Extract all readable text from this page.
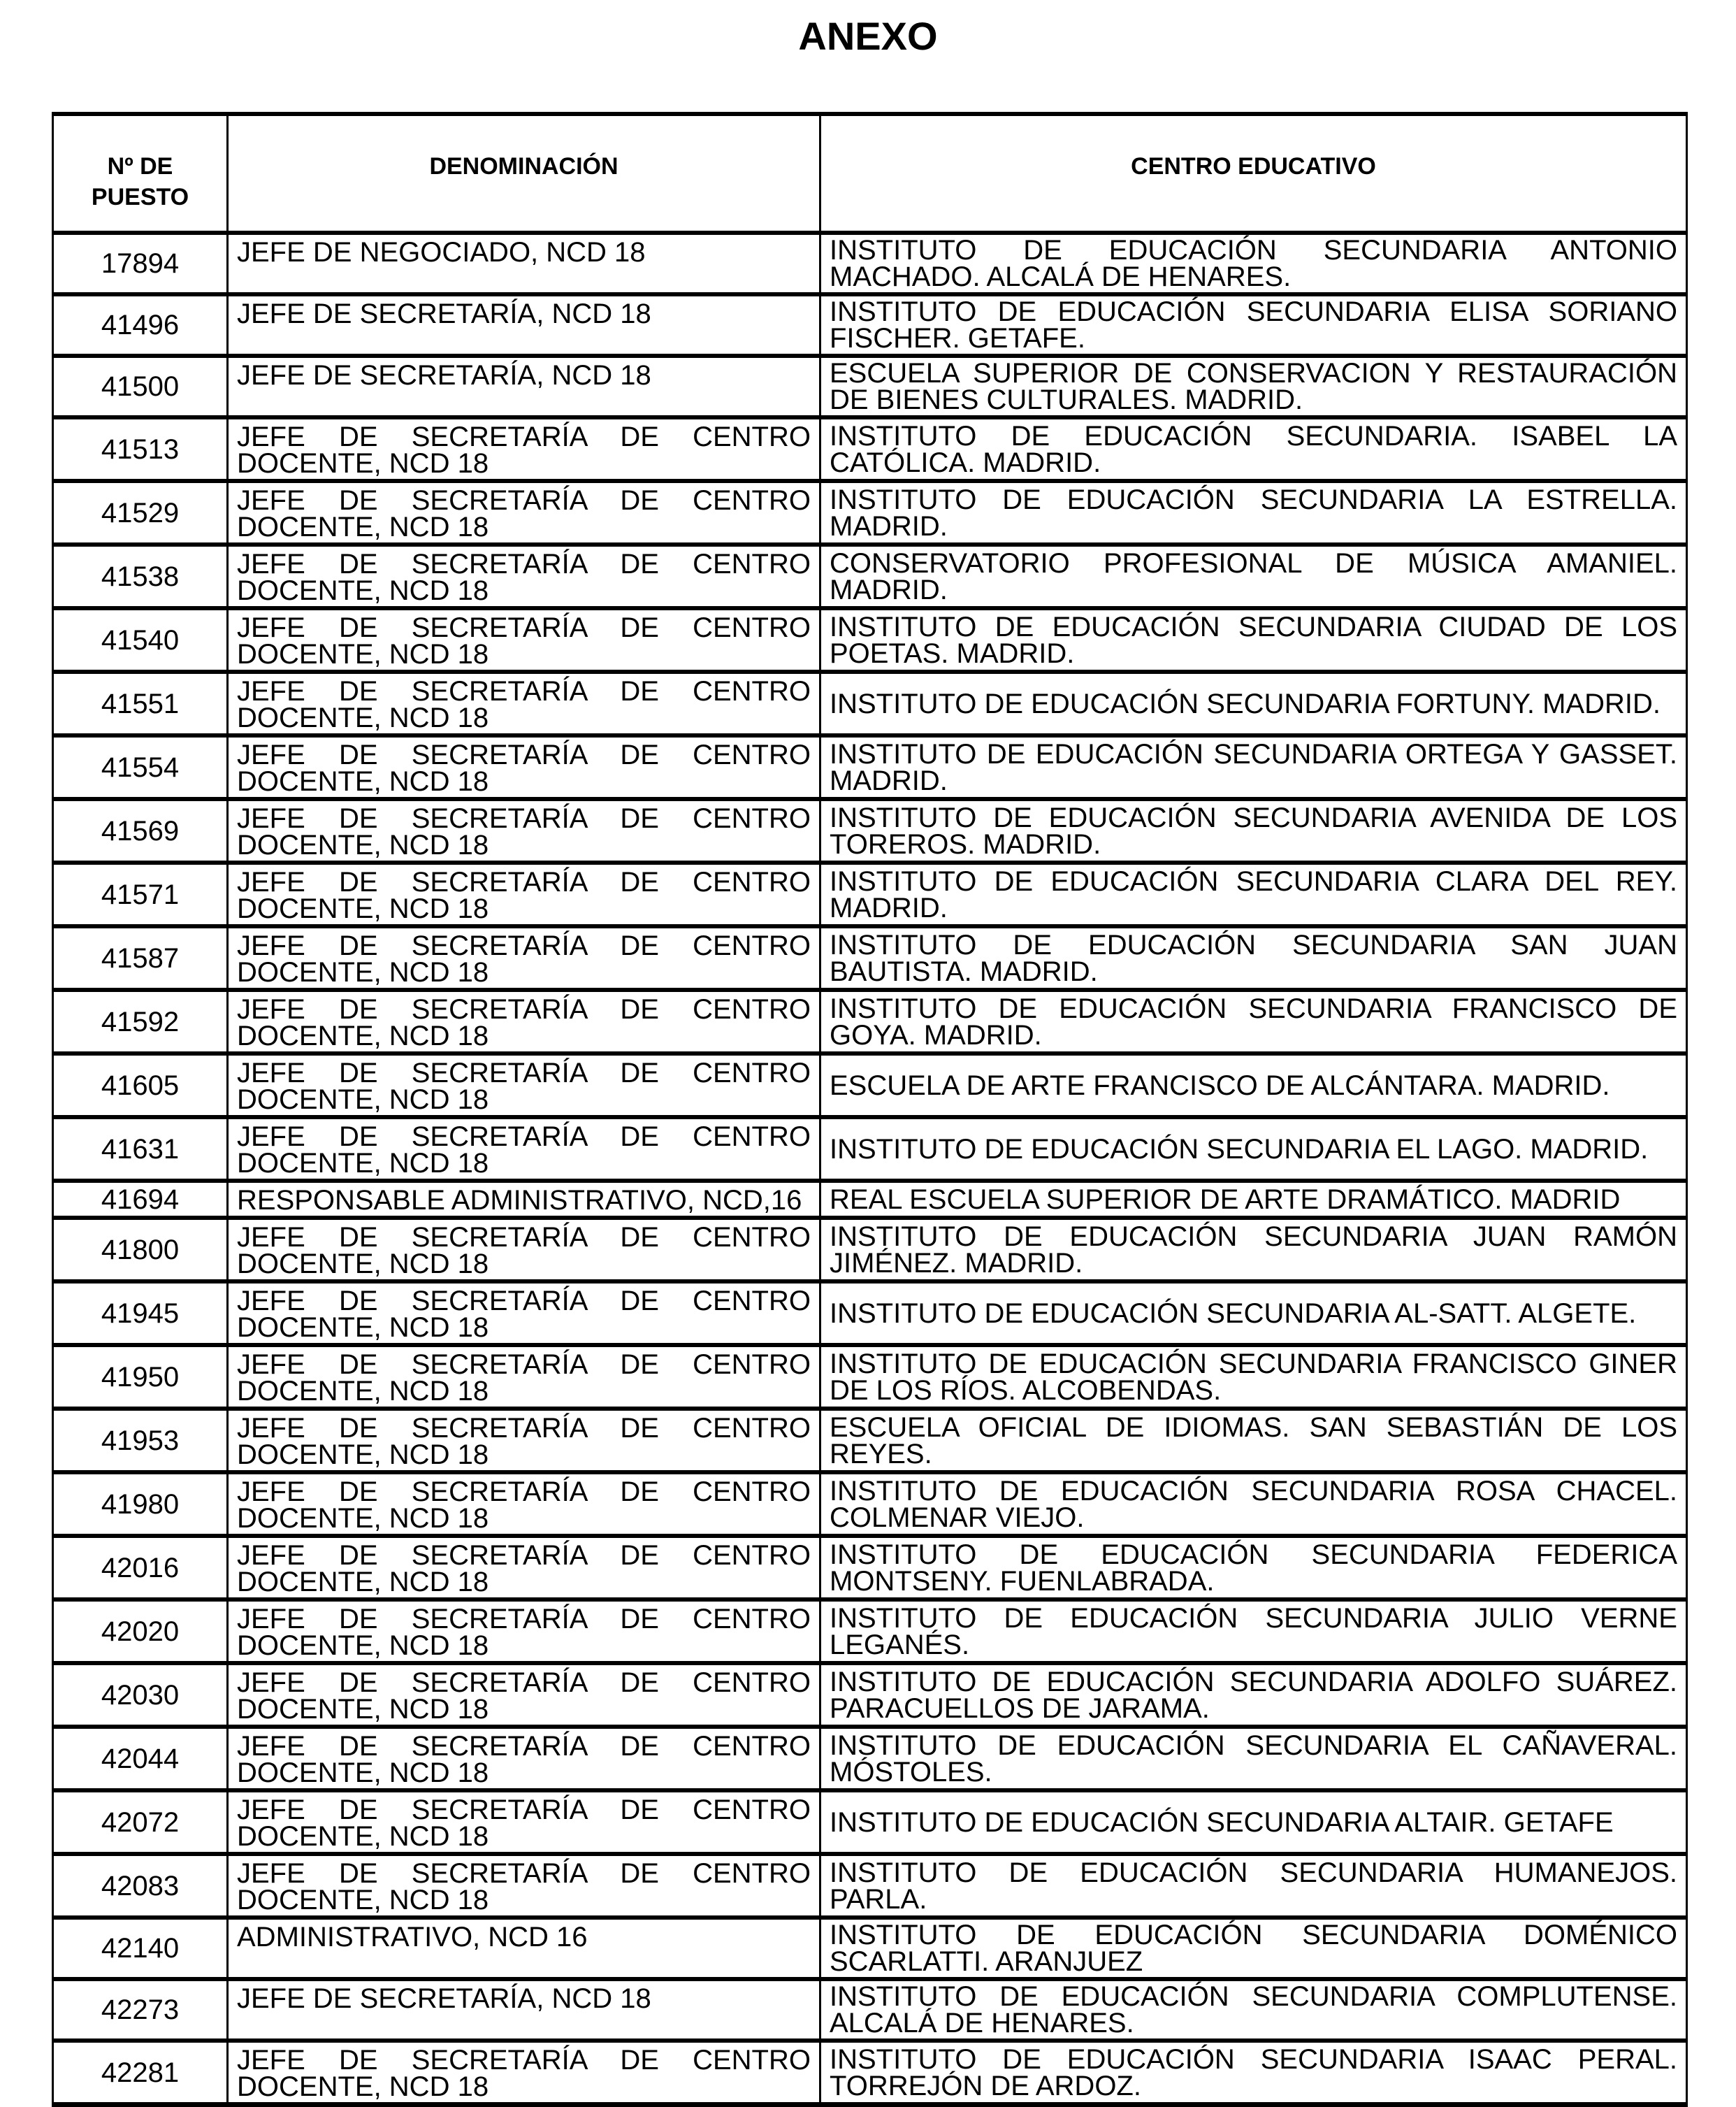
ANEXO
Nº DE PUESTO	DENOMINACIÓN	CENTRO EDUCATIVO
17894	JEFE DE NEGOCIADO, NCD 18	INSTITUTO DE EDUCACIÓN SECUNDARIA ANTONIO MACHADO. ALCALÁ DE HENARES.
41496	JEFE DE SECRETARÍA, NCD 18	INSTITUTO DE EDUCACIÓN SECUNDARIA ELISA SORIANO FISCHER. GETAFE.
41500	JEFE DE SECRETARÍA, NCD 18	ESCUELA SUPERIOR DE CONSERVACION Y RESTAURACIÓN DE BIENES CULTURALES. MADRID.
41513	JEFE DE SECRETARÍA DE CENTRO DOCENTE, NCD 18	INSTITUTO DE EDUCACIÓN SECUNDARIA. ISABEL LA CATÓLICA. MADRID.
41529	JEFE DE SECRETARÍA DE CENTRO DOCENTE, NCD 18	INSTITUTO DE EDUCACIÓN SECUNDARIA LA ESTRELLA. MADRID.
41538	JEFE DE SECRETARÍA DE CENTRO DOCENTE, NCD 18	CONSERVATORIO PROFESIONAL DE MÚSICA AMANIEL. MADRID.
41540	JEFE DE SECRETARÍA DE CENTRO DOCENTE, NCD 18	INSTITUTO DE EDUCACIÓN SECUNDARIA CIUDAD DE LOS POETAS. MADRID.
41551	JEFE DE SECRETARÍA DE CENTRO DOCENTE, NCD 18	INSTITUTO DE EDUCACIÓN SECUNDARIA FORTUNY. MADRID.
41554	JEFE DE SECRETARÍA DE CENTRO DOCENTE, NCD 18	INSTITUTO DE EDUCACIÓN SECUNDARIA ORTEGA Y GASSET. MADRID.
41569	JEFE DE SECRETARÍA DE CENTRO DOCENTE, NCD 18	INSTITUTO DE EDUCACIÓN SECUNDARIA AVENIDA DE LOS TOREROS. MADRID.
41571	JEFE DE SECRETARÍA DE CENTRO DOCENTE, NCD 18	INSTITUTO DE EDUCACIÓN SECUNDARIA CLARA DEL REY. MADRID.
41587	JEFE DE SECRETARÍA DE CENTRO DOCENTE, NCD 18	INSTITUTO DE EDUCACIÓN SECUNDARIA SAN JUAN BAUTISTA. MADRID.
41592	JEFE DE SECRETARÍA DE CENTRO DOCENTE, NCD 18	INSTITUTO DE EDUCACIÓN SECUNDARIA FRANCISCO DE GOYA. MADRID.
41605	JEFE DE SECRETARÍA DE CENTRO DOCENTE, NCD 18	ESCUELA DE ARTE FRANCISCO DE ALCÁNTARA. MADRID.
41631	JEFE DE SECRETARÍA DE CENTRO DOCENTE, NCD 18	INSTITUTO DE EDUCACIÓN SECUNDARIA EL LAGO. MADRID.
41694	RESPONSABLE ADMINISTRATIVO, NCD,16	REAL ESCUELA SUPERIOR DE ARTE DRAMÁTICO. MADRID
41800	JEFE DE SECRETARÍA DE CENTRO DOCENTE, NCD 18	INSTITUTO DE EDUCACIÓN SECUNDARIA JUAN RAMÓN JIMÉNEZ. MADRID.
41945	JEFE DE SECRETARÍA DE CENTRO DOCENTE, NCD 18	INSTITUTO DE EDUCACIÓN SECUNDARIA AL-SATT. ALGETE.
41950	JEFE DE SECRETARÍA DE CENTRO DOCENTE, NCD 18	INSTITUTO DE EDUCACIÓN SECUNDARIA FRANCISCO GINER DE LOS RÍOS. ALCOBENDAS.
41953	JEFE DE SECRETARÍA DE CENTRO DOCENTE, NCD 18	ESCUELA OFICIAL DE IDIOMAS. SAN SEBASTIÁN DE LOS REYES.
41980	JEFE DE SECRETARÍA DE CENTRO DOCENTE, NCD 18	INSTITUTO DE EDUCACIÓN SECUNDARIA ROSA CHACEL. COLMENAR VIEJO.
42016	JEFE DE SECRETARÍA DE CENTRO DOCENTE, NCD 18	INSTITUTO DE EDUCACIÓN SECUNDARIA FEDERICA MONTSENY. FUENLABRADA.
42020	JEFE DE SECRETARÍA DE CENTRO DOCENTE, NCD 18	INSTITUTO DE EDUCACIÓN SECUNDARIA JULIO VERNE LEGANÉS.
42030	JEFE DE SECRETARÍA DE CENTRO DOCENTE, NCD 18	INSTITUTO DE EDUCACIÓN SECUNDARIA ADOLFO SUÁREZ. PARACUELLOS DE JARAMA.
42044	JEFE DE SECRETARÍA DE CENTRO DOCENTE, NCD 18	INSTITUTO DE EDUCACIÓN SECUNDARIA EL CAÑAVERAL. MÓSTOLES.
42072	JEFE DE SECRETARÍA DE CENTRO DOCENTE, NCD 18	INSTITUTO DE EDUCACIÓN SECUNDARIA ALTAIR. GETAFE
42083	JEFE DE SECRETARÍA DE CENTRO DOCENTE, NCD 18	INSTITUTO DE EDUCACIÓN SECUNDARIA HUMANEJOS. PARLA.
42140	ADMINISTRATIVO, NCD 16	INSTITUTO DE EDUCACIÓN SECUNDARIA DOMÉNICO SCARLATTI. ARANJUEZ
42273	JEFE DE SECRETARÍA, NCD 18	INSTITUTO DE EDUCACIÓN SECUNDARIA COMPLUTENSE. ALCALÁ DE HENARES.
42281	JEFE DE SECRETARÍA DE CENTRO DOCENTE, NCD 18	INSTITUTO DE EDUCACIÓN SECUNDARIA ISAAC PERAL. TORREJÓN DE ARDOZ.
